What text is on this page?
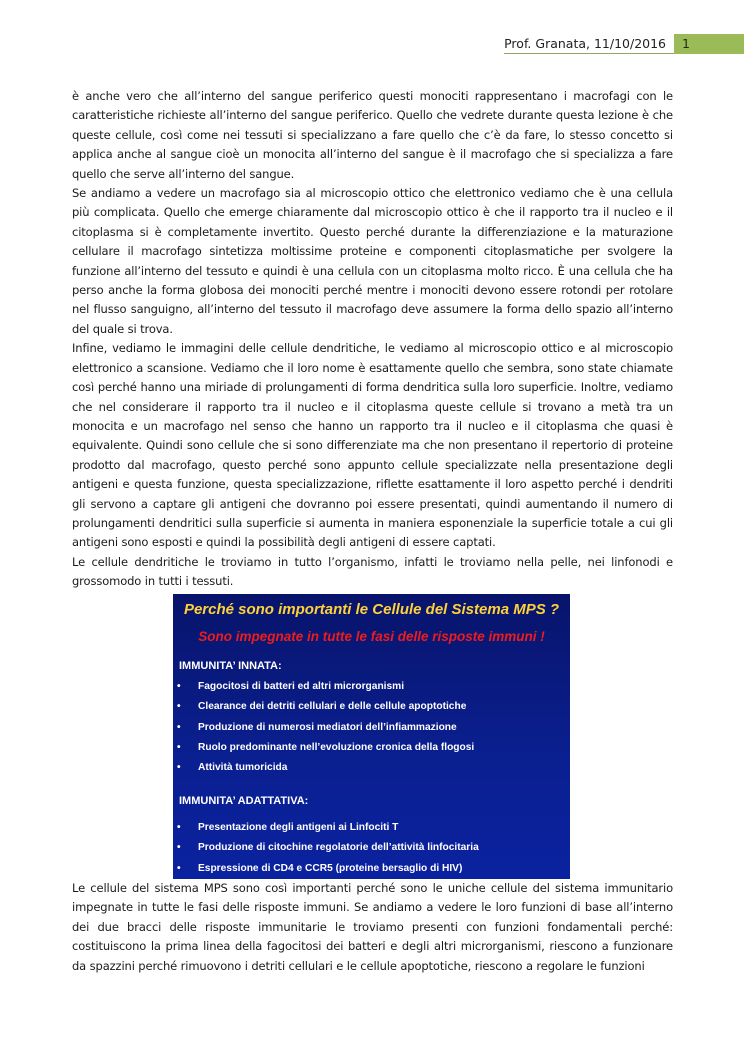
Prof. Granata, 11/10/2016	1

è anche vero che all’interno del sangue periferico questi monociti rappresentano i macrofagi con le caratteristiche richieste all’interno del sangue periferico. Quello che vedrete durante questa lezione è che queste cellule, così come nei tessuti si specializzano a fare quello che c’è da fare, lo stesso concetto si applica anche al sangue cioè un monocita all’interno del sangue è il macrofago che si specializza a fare quello che serve all’interno del sangue.

Se andiamo a vedere un macrofago sia al microscopio ottico che elettronico vediamo che è una cellula più complicata. Quello che emerge chiaramente dal microscopio ottico è che il rapporto tra il nucleo e il citoplasma si è completamente invertito. Questo perché durante la differenziazione e la maturazione cellulare il macrofago sintetizza moltissime proteine e componenti citoplasmatiche per svolgere la funzione all’interno del tessuto e quindi è una cellula con un citoplasma molto ricco. È una cellula che ha perso anche la forma globosa dei monociti perché mentre i monociti devono essere rotondi per rotolare nel flusso sanguigno, all’interno del tessuto il macrofago deve assumere la forma dello spazio all’interno del quale si trova.

Infine, vediamo le immagini delle cellule dendritiche, le vediamo al microscopio ottico e al microscopio elettronico a scansione. Vediamo che il loro nome è esattamente quello che sembra, sono state chiamate così perché hanno una miriade di prolungamenti di forma dendritica sulla loro superficie. Inoltre, vediamo che nel considerare il rapporto tra il nucleo e il citoplasma queste cellule si trovano a metà tra un monocita e un macrofago nel senso che hanno un rapporto tra il nucleo e il citoplasma che quasi è equivalente. Quindi sono cellule che si sono differenziate ma che non presentano il repertorio di proteine prodotto dal macrofago, questo perché sono appunto cellule specializzate nella presentazione degli antigeni e questa funzione, questa specializzazione, riflette esattamente il loro aspetto perché i dendriti gli servono a captare gli antigeni che dovranno poi essere presentati, quindi aumentando il numero di prolungamenti dendritici sulla superficie si aumenta in maniera esponenziale la superficie totale a cui gli antigeni sono esposti e quindi la possibilità degli antigeni di essere captati.

Le cellule dendritiche le troviamo in tutto l’organismo, infatti le troviamo nella pelle, nei linfonodi e grossomodo in tutti i tessuti.

Perché sono importanti le Cellule del Sistema MPS ?
Sono impegnate in tutte le fasi delle risposte immuni !
IMMUNITA’ INNATA:
•	Fagocitosi di batteri ed altri microrganismi
•	Clearance dei detriti cellulari e delle cellule apoptotiche
•	Produzione di numerosi mediatori dell’infiammazione
•	Ruolo predominante nell’evoluzione cronica della flogosi
•	Attività tumoricida
IMMUNITA’ ADATTATIVA:
•	Presentazione degli antigeni ai Linfociti T
•	Produzione di citochine regolatorie dell’attività linfocitaria
•	Espressione di CD4 e CCR5 (proteine bersaglio di HIV)

Le cellule del sistema MPS sono così importanti perché sono le uniche cellule del sistema immunitario impegnate in tutte le fasi delle risposte immuni. Se andiamo a vedere le loro funzioni di base all’interno dei due bracci delle risposte immunitarie le troviamo presenti con funzioni fondamentali perché: costituiscono la prima linea della fagocitosi dei batteri e degli altri microrganismi, riescono a funzionare da spazzini perché rimuovono i detriti cellulari e le cellule apoptotiche, riescono a regolare le funzioni
